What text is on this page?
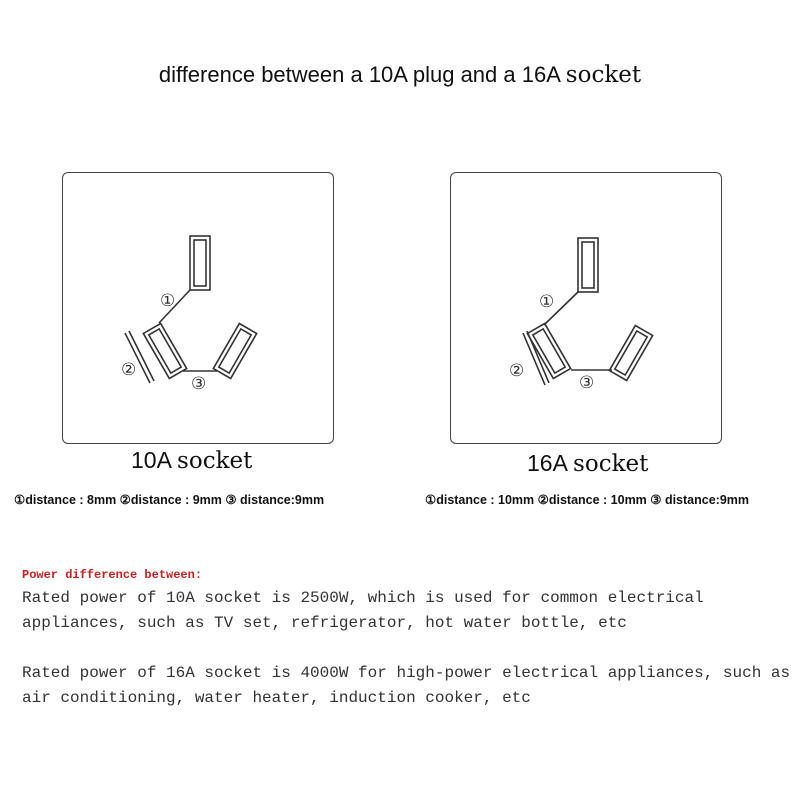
difference between a 10A plug and a 16A socket
①
②
③
①
②
③
10A socket	16A socket
①distance : 8mm ②distance : 9mm ③ distance:9mm	①distance : 10mm ②distance : 10mm ③ distance:9mm
Power difference between:
Rated power of 10A socket is 2500W, which is used for common electrical appliances, such as TV set, refrigerator, hot water bottle, etc
Rated power of 16A socket is 4000W for high-power electrical appliances, such as air conditioning, water heater, induction cooker, etc
